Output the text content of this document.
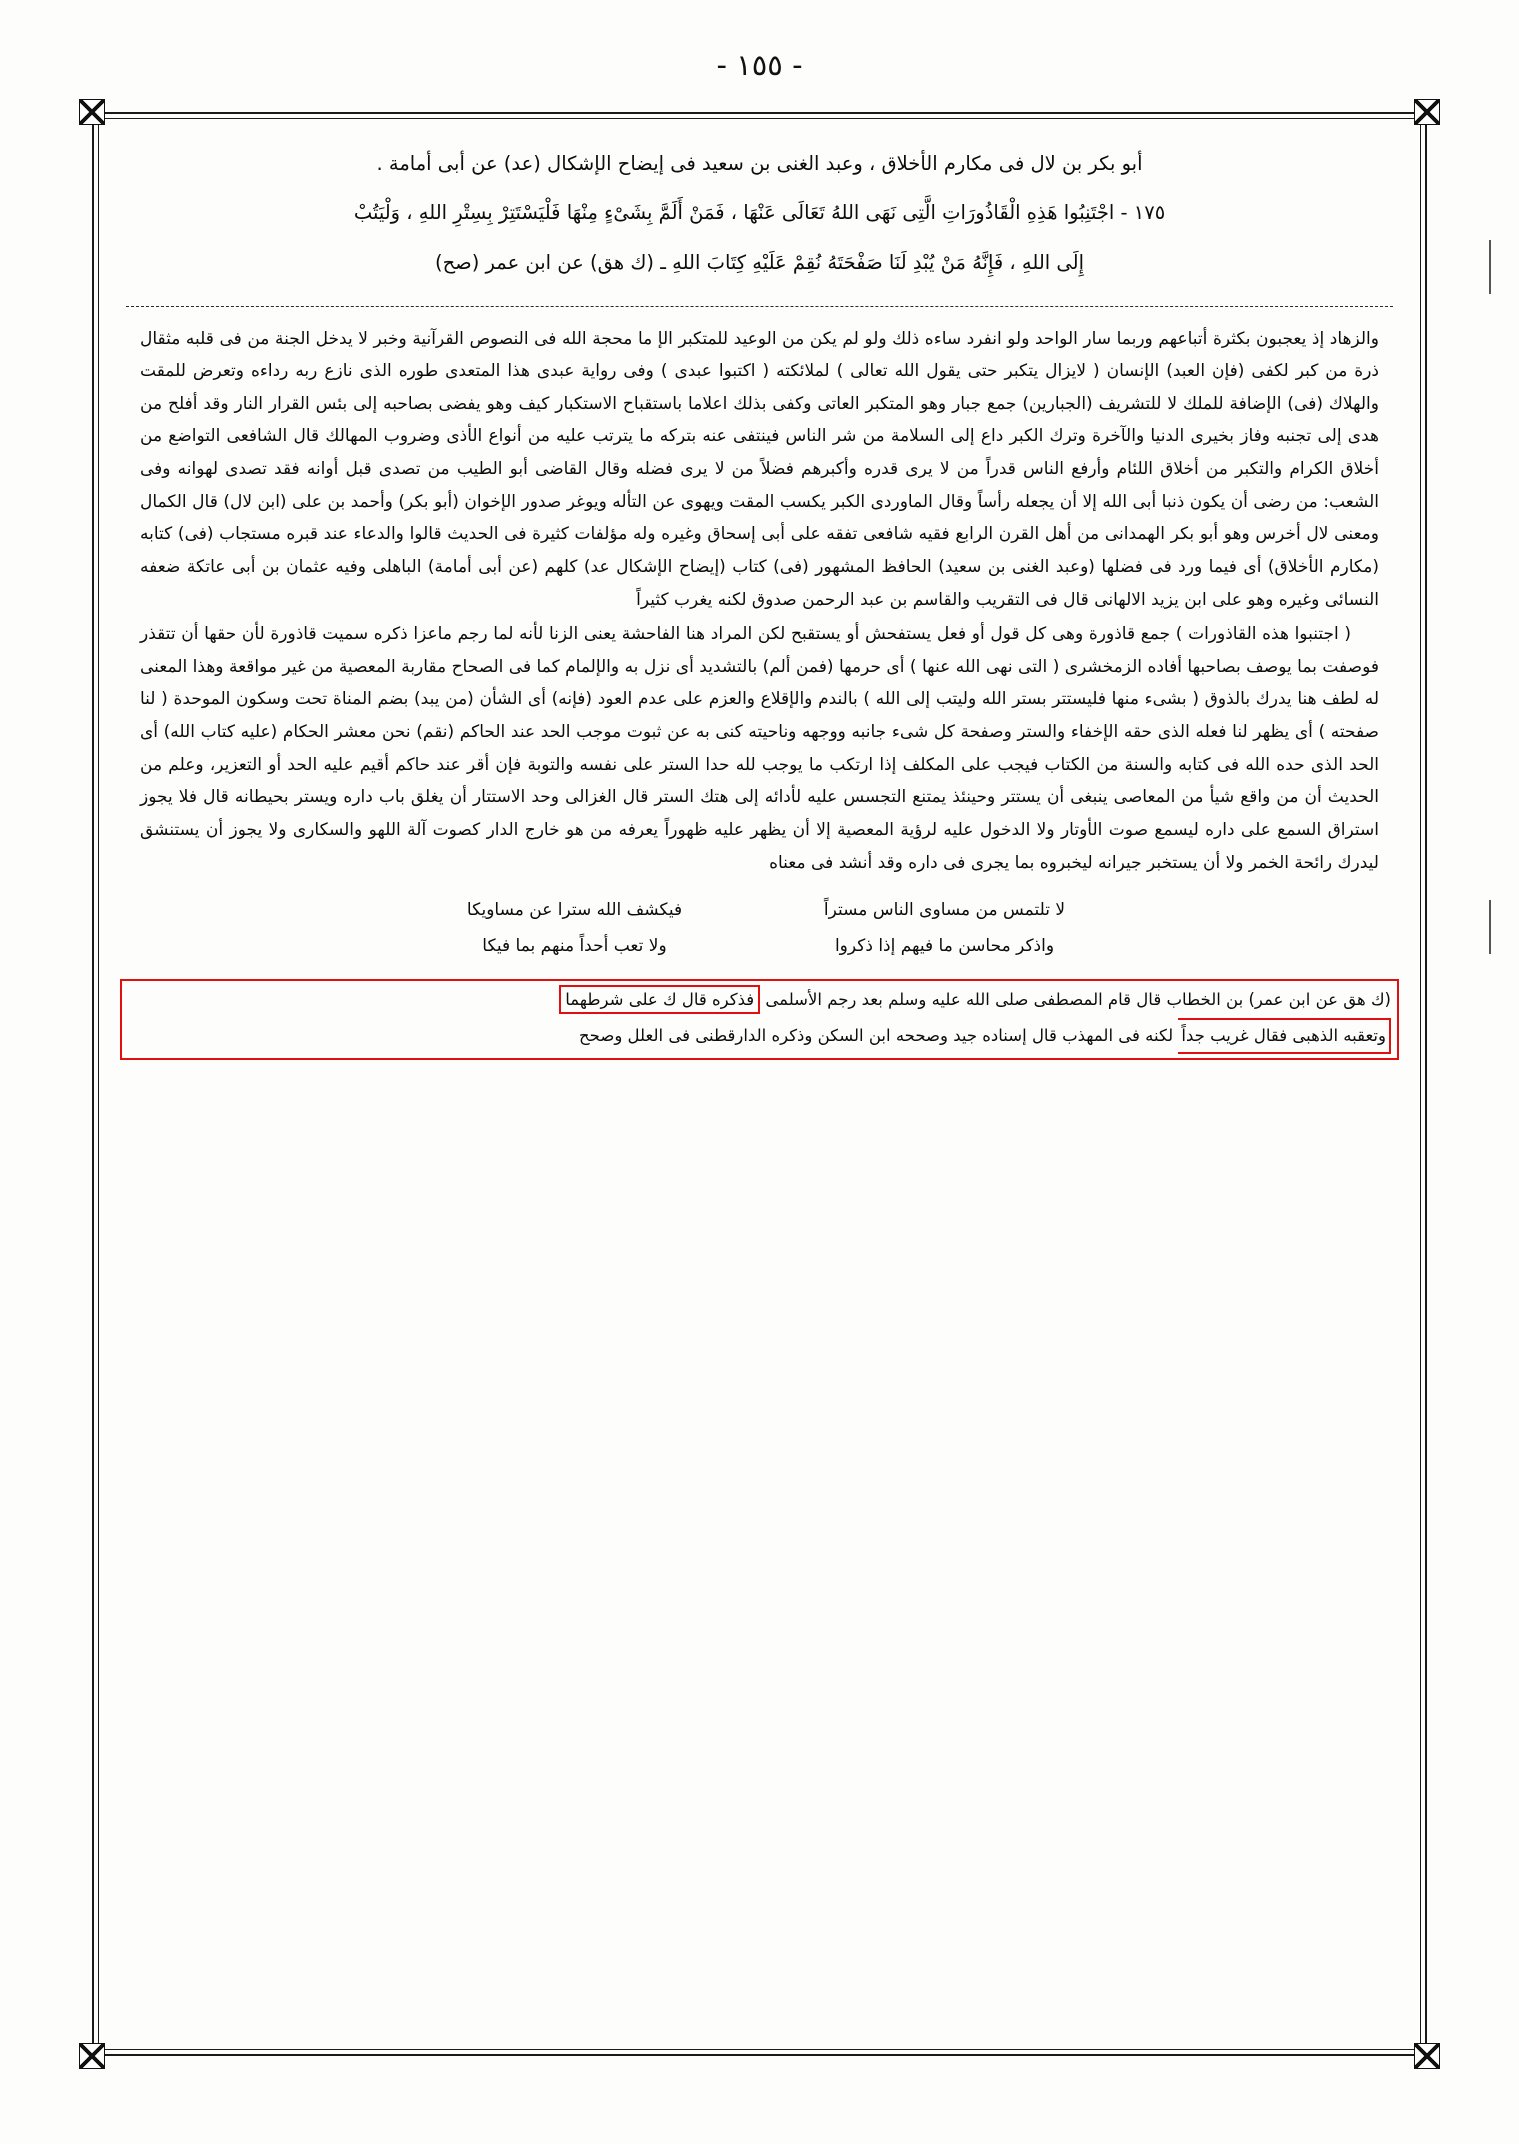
- ١٥٥ -

أبو بكر بن لال فى مكارم الأخلاق ، وعبد الغنى بن سعيد فى إيضاح الإشكال (عد) عن أبى أمامة .

١٧٥ - اجْتَنِبُوا هَذِهِ الْقَاذُورَاتِ الَّتِى نَهَى اللهُ تَعَالَى عَنْهَا ، فَمَنْ أَلَمَّ بِشَىْءٍ مِنْهَا فَلْيَسْتَتِرْ بِسِتْرِ اللهِ ، وَلْيَتُبْ

إِلَى اللهِ ، فَإِنَّهُ مَنْ يُبْدِ لَنَا صَفْحَتَهُ نُقِمْ عَلَيْهِ كِتَابَ اللهِ ـ (ك هق) عن ابن عمر (صح)

والزهاد إذ يعجبون بكثرة أتباعهم وربما سار الواحد ولو انفرد ساءه ذلك ولو لم يكن من الوعيد للمتكبر الإ ما محجة الله فى النصوص القرآنية وخبر لا يدخل الجنة من فى قلبه مثقال ذرة من كبر لكفى (فإن العبد) الإنسان ( لايزال يتكبر حتى يقول الله تعالى ) لملائكته ( اكتبوا عبدى ) وفى رواية عبدى هذا المتعدى طوره الذى نازع ربه رداءه وتعرض للمقت والهلاك (فى) الإضافة للملك لا للتشريف (الجبارين) جمع جبار وهو المتكبر العاتى وكفى بذلك اعلاما باستقباح الاستكبار كيف وهو يفضى بصاحبه إلى بئس القرار النار وقد أفلح من هدى إلى تجنبه وفاز بخيرى الدنيا والآخرة وترك الكبر داع إلى السلامة من شر الناس فينتفى عنه بتركه ما يترتب عليه من أنواع الأذى وضروب المهالك قال الشافعى التواضع من أخلاق الكرام والتكبر من أخلاق اللئام وأرفع الناس قدراً من لا يرى قدره وأكبرهم فضلاً من لا يرى فضله وقال القاضى أبو الطيب من تصدى قبل أوانه فقد تصدى لهوانه وفى الشعب: من رضى أن يكون ذنبا أبى الله إلا أن يجعله رأساً وقال الماوردى الكبر يكسب المقت ويهوى عن التأله ويوغر صدور الإخوان (أبو بكر) وأحمد بن على (ابن لال) قال الكمال ومعنى لال أخرس وهو أبو بكر الهمدانى من أهل القرن الرابع فقيه شافعى تفقه على أبى إسحاق وغيره وله مؤلفات كثيرة فى الحديث قالوا والدعاء عند قبره مستجاب (فى) كتابه (مكارم الأخلاق) أى فيما ورد فى فضلها (وعبد الغنى بن سعيد) الحافظ المشهور (فى) كتاب (إيضاح الإشكال عد) كلهم (عن أبى أمامة) الباهلى وفيه عثمان بن أبى عاتكة ضعفه النسائى وغيره وهو على ابن يزيد الالهانى قال فى التقريب والقاسم بن عبد الرحمن صدوق لكنه يغرب كثيراً

( اجتنبوا هذه القاذورات ) جمع قاذورة وهى كل قول أو فعل يستفحش أو يستقبح لكن المراد هنا الفاحشة يعنى الزنا لأنه لما رجم ماعزا ذكره سميت قاذورة لأن حقها أن تتقذر فوصفت بما يوصف بصاحبها أفاده الزمخشرى ( التى نهى الله عنها ) أى حرمها (فمن ألم) بالتشديد أى نزل به والإلمام كما فى الصحاح مقاربة المعصية من غير مواقعة وهذا المعنى له لطف هنا يدرك بالذوق ( بشىء منها فليستتر بستر الله وليتب إلى الله ) بالندم والإقلاع والعزم على عدم العود (فإنه) أى الشأن (من يبد) بضم المناة تحت وسكون الموحدة ( لنا صفحته ) أى يظهر لنا فعله الذى حقه الإخفاء والستر وصفحة كل شىء جانبه ووجهه وناحيته كنى به عن ثبوت موجب الحد عند الحاكم (نقم) نحن معشر الحكام (عليه كتاب الله) أى الحد الذى حده الله فى كتابه والسنة من الكتاب فيجب على المكلف إذا ارتكب ما يوجب لله حدا الستر على نفسه والتوبة فإن أقر عند حاكم أقيم عليه الحد أو التعزير، وعلم من الحديث أن من واقع شيأ من المعاصى ينبغى أن يستتر وحينئذ يمتنع التجسس عليه لأدائه إلى هتك الستر قال الغزالى وحد الاستتار أن يغلق باب داره ويستر بحيطانه قال فلا يجوز استراق السمع على داره ليسمع صوت الأوتار ولا الدخول عليه لرؤية المعصية إلا أن يظهر عليه ظهوراً يعرفه من هو خارج الدار كصوت آلة اللهو والسكارى ولا يجوز أن يستنشق ليدرك رائحة الخمر ولا أن يستخبر جيرانه ليخبروه بما يجرى فى داره وقد أنشد فى معناه

لا تلتمس من مساوى الناس مستراً
فيكشف الله سترا عن مساويكا
واذكر محاسن ما فيهم إذا ذكروا
ولا تعب أحداً منهم بما فيكا
(ك هق عن ابن عمر) بن الخطاب قال قام المصطفى صلى الله عليه وسلم بعد رجم الأسلمى فذكره قال ك على شرطهما
وتعقبه الذهبى فقال غريب جداً لكنه فى المهذب قال إسناده جيد وصححه ابن السكن وذكره الدارقطنى فى العلل وصحح
